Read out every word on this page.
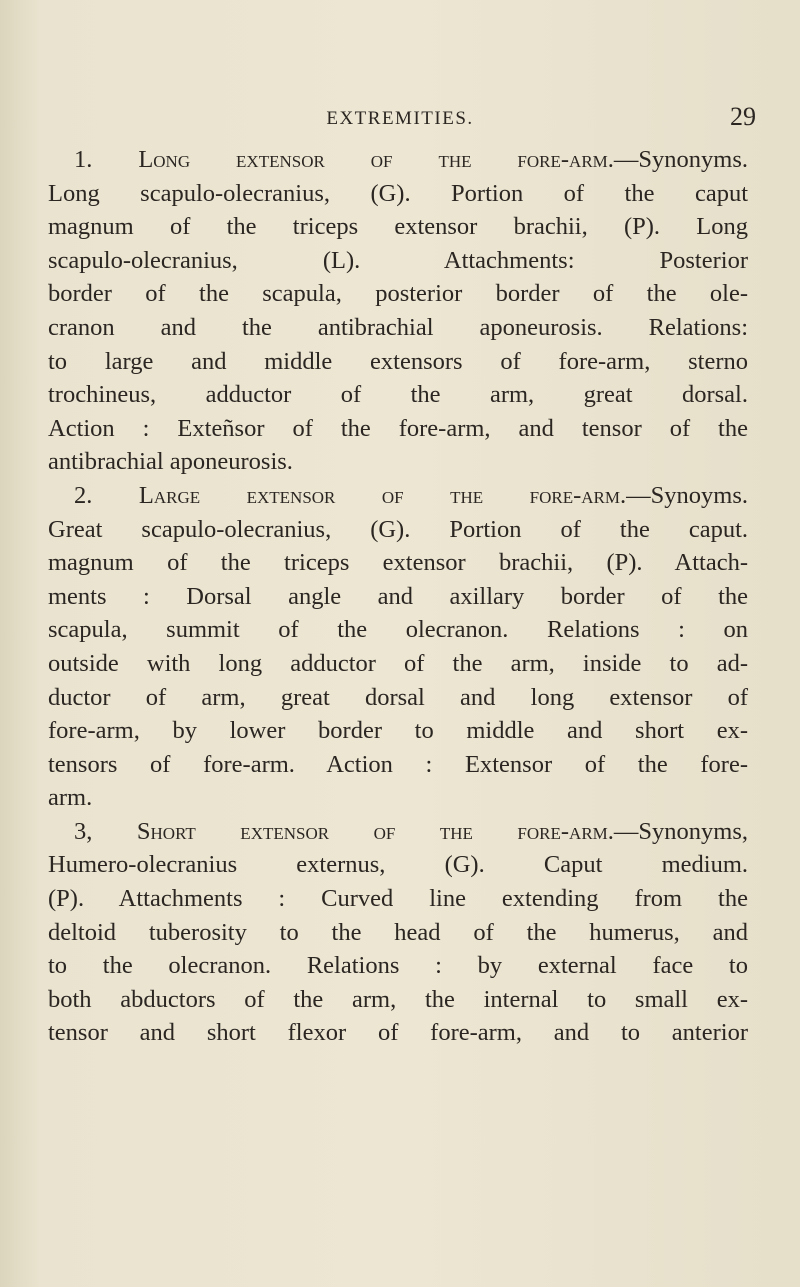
EXTREMITIES.	29
1. Long extensor of the fore-arm.—Synonyms.
Long scapulo-olecranius, (G). Portion of the caput
magnum of the triceps extensor brachii, (P). Long
scapulo-olecranius, (L). Attachments: Posterior
border of the scapula, posterior border of the ole-
cranon and the antibrachial aponeurosis. Relations:
to large and middle extensors of fore-arm, sterno
trochineus, adductor of the arm, great dorsal.
Action : Exteñsor of the fore-arm, and tensor of the
antibrachial aponeurosis.
2. Large extensor of the fore-arm.—Synoyms.
Great scapulo-olecranius, (G). Portion of the caput.
magnum of the triceps extensor brachii, (P). Attach-
ments : Dorsal angle and axillary border of the
scapula, summit of the olecranon. Relations : on
outside with long adductor of the arm, inside to ad-
ductor of arm, great dorsal and long extensor of
fore-arm, by lower border to middle and short ex-
tensors of fore-arm. Action : Extensor of the fore-
arm.
3, Short extensor of the fore-arm.—Synonyms,
Humero-olecranius externus, (G). Caput medium.
(P). Attachments : Curved line extending from the
deltoid tuberosity to the head of the humerus, and
to the olecranon. Relations : by external face to
both abductors of the arm, the internal to small ex-
tensor and short flexor of fore-arm, and to anterior
